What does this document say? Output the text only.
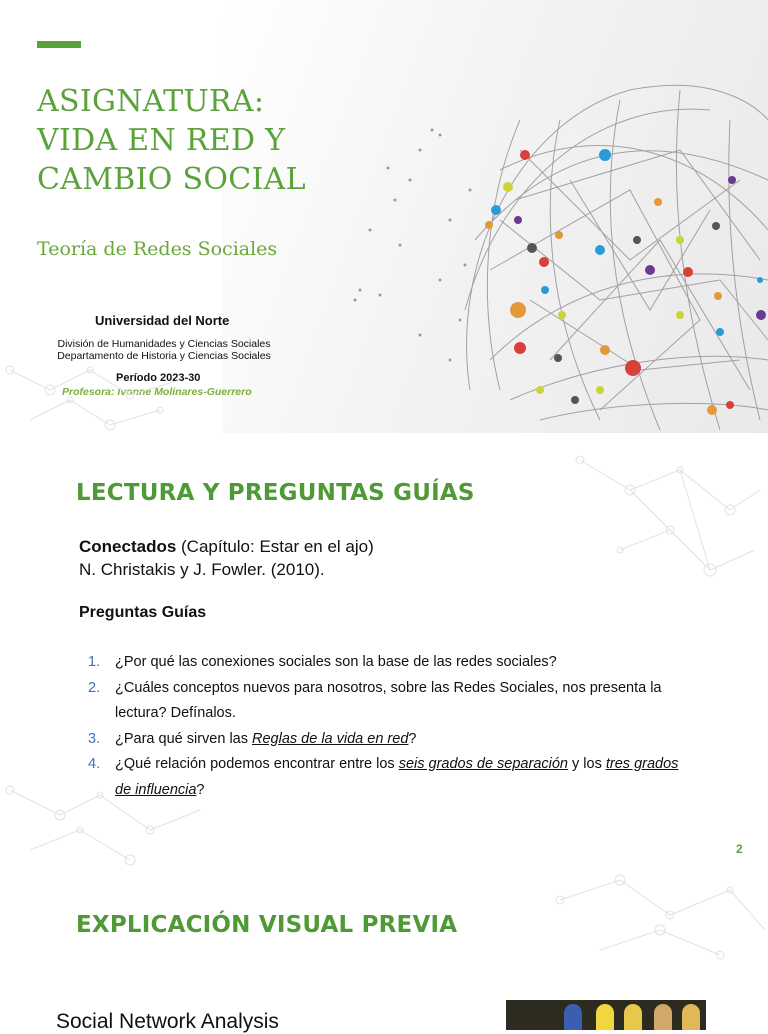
ASIGNATURA:
VIDA EN RED Y
CAMBIO SOCIAL
Teoría de Redes Sociales
Universidad del Norte
División de Humanidades y Ciencias Sociales
Departamento de Historia y Ciencias Sociales
Período 2023-30
Profesora: Ivonne Molinares-Guerrero
LECTURA Y PREGUNTAS GUÍAS
Conectados (Capítulo: Estar en el ajo)
N. Christakis y J. Fowler. (2010).
Preguntas Guías
1. ¿Por qué las conexiones sociales son la base de las redes sociales?
2. ¿Cuáles conceptos nuevos para nosotros, sobre las Redes Sociales, nos presenta la lectura? Defínalos.
3. ¿Para qué sirven las Reglas de la vida en red?
4. ¿Qué relación podemos encontrar entre los seis grados de separación y los tres grados de influencia?
2
EXPLICACIÓN VISUAL PREVIA
Social Network Analysis
